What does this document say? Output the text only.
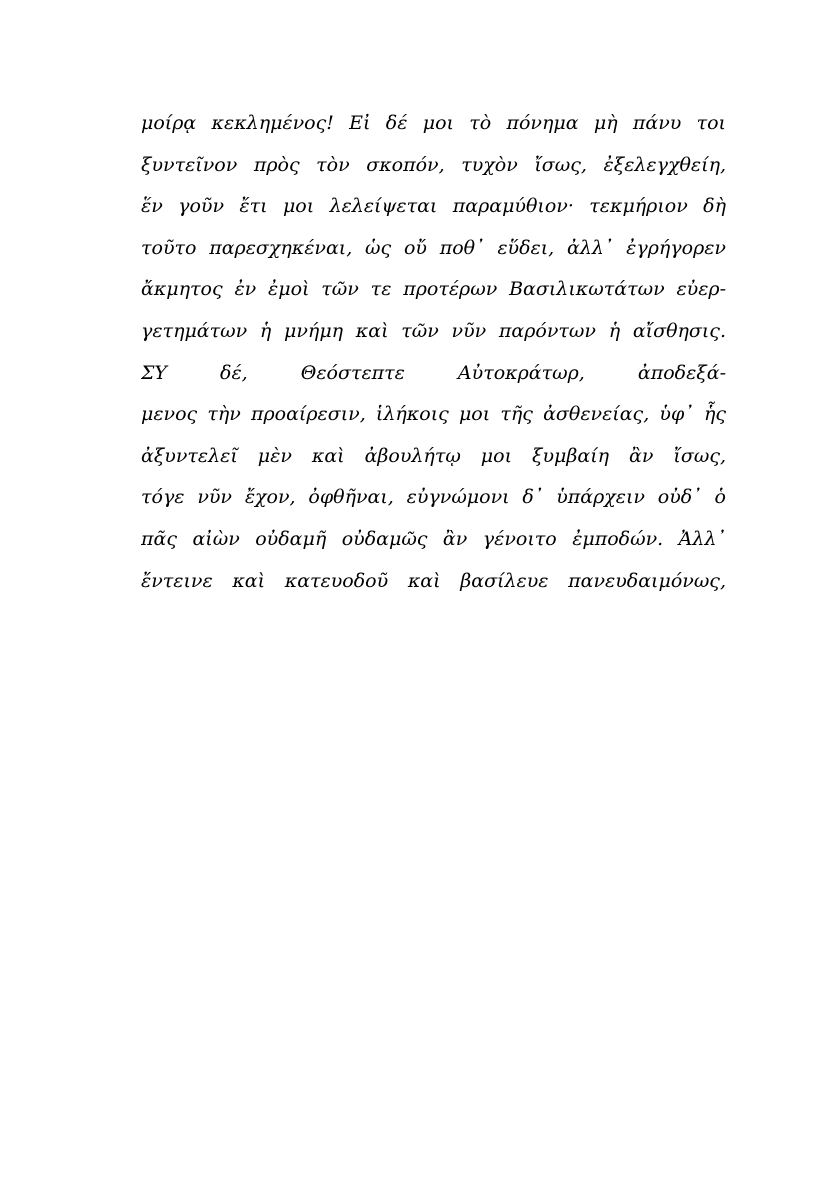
μοίρᾳ κεκλημένος! Εἰ δέ μοι τὸ πόνημα μὴ πάνυ τοι
ξυντεῖνον πρὸς τὸν σκοπόν, τυχὸν ἴσως, ἐξελεγχθείη,
ἕν γοῦν ἔτι μοι λελείψεται παραμύθιον· τεκμήριον δὴ
τοῦτο παρεσχηκέναι, ὡς οὔ ποθ᾽ εὕδει, ἀλλ᾽ ἐγρήγορεν
ἄκμητος ἐν ἐμοὶ τῶν τε προτέρων Βασιλικωτάτων εὐερ-
γετημάτων ἡ μνήμη καὶ τῶν νῦν παρόντων ἡ αἴσθησις.
ΣΥ δέ, Θεόστεπτε Αὐτοκράτωρ, ἀποδεξά-
μενος τὴν προαίρεσιν, ἱλήκοις μοι τῆς ἀσθενείας, ὑφ᾽ ἧς
ἀξυντελεῖ μὲν καὶ ἀβουλήτῳ μοι ξυμβαίη ἂν ἴσως,
τόγε νῦν ἔχον, ὀφθῆναι, εὐγνώμονι δ᾽ ὑπάρχειν οὐδ᾽ ὁ
πᾶς αἰὼν οὐδαμῆ οὐδαμῶς ἂν γένοιτο ἐμποδών. Ἀλλ᾽
ἔντεινε καὶ κατευοδοῦ καὶ βασίλευε πανευδαιμόνως,
